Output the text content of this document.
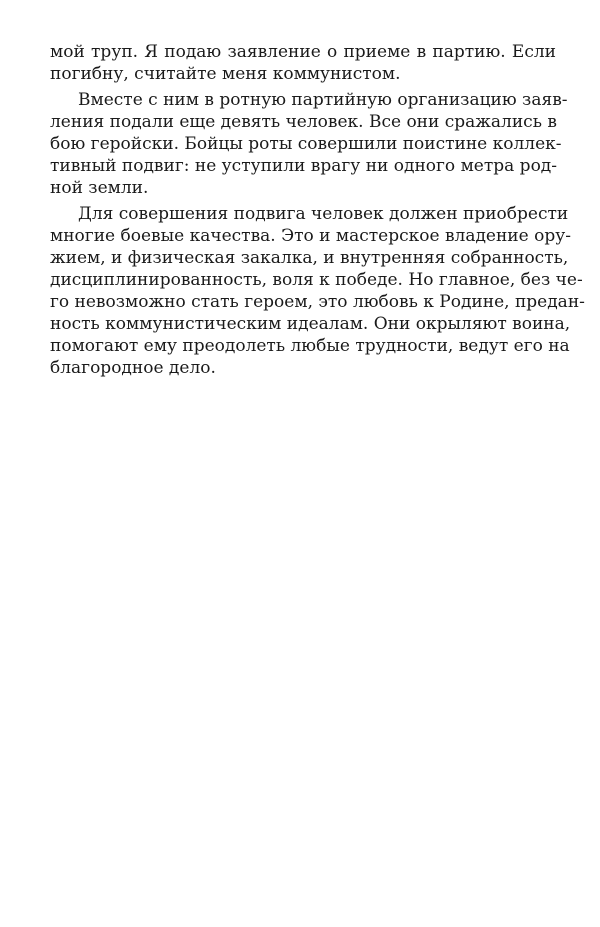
мой труп. Я подаю заявление о приеме в партию. Если
погибну, считайте меня коммунистом.
Вместе с ним в ротную партийную организацию заяв-
ления подали еще девять человек. Все они сражались в
бою геройски. Бойцы роты совершили поистине коллек-
тивный подвиг: не уступили врагу ни одного метра род-
ной земли.
Для совершения подвига человек должен приобрести
многие боевые качества. Это и мастерское владение ору-
жием, и физическая закалка, и внутренняя собранность,
дисциплинированность, воля к победе. Но главное, без че-
го невозможно стать героем, это любовь к Родине, предан-
ность коммунистическим идеалам. Они окрыляют воина,
помогают ему преодолеть любые трудности, ведут его на
благородное дело.
